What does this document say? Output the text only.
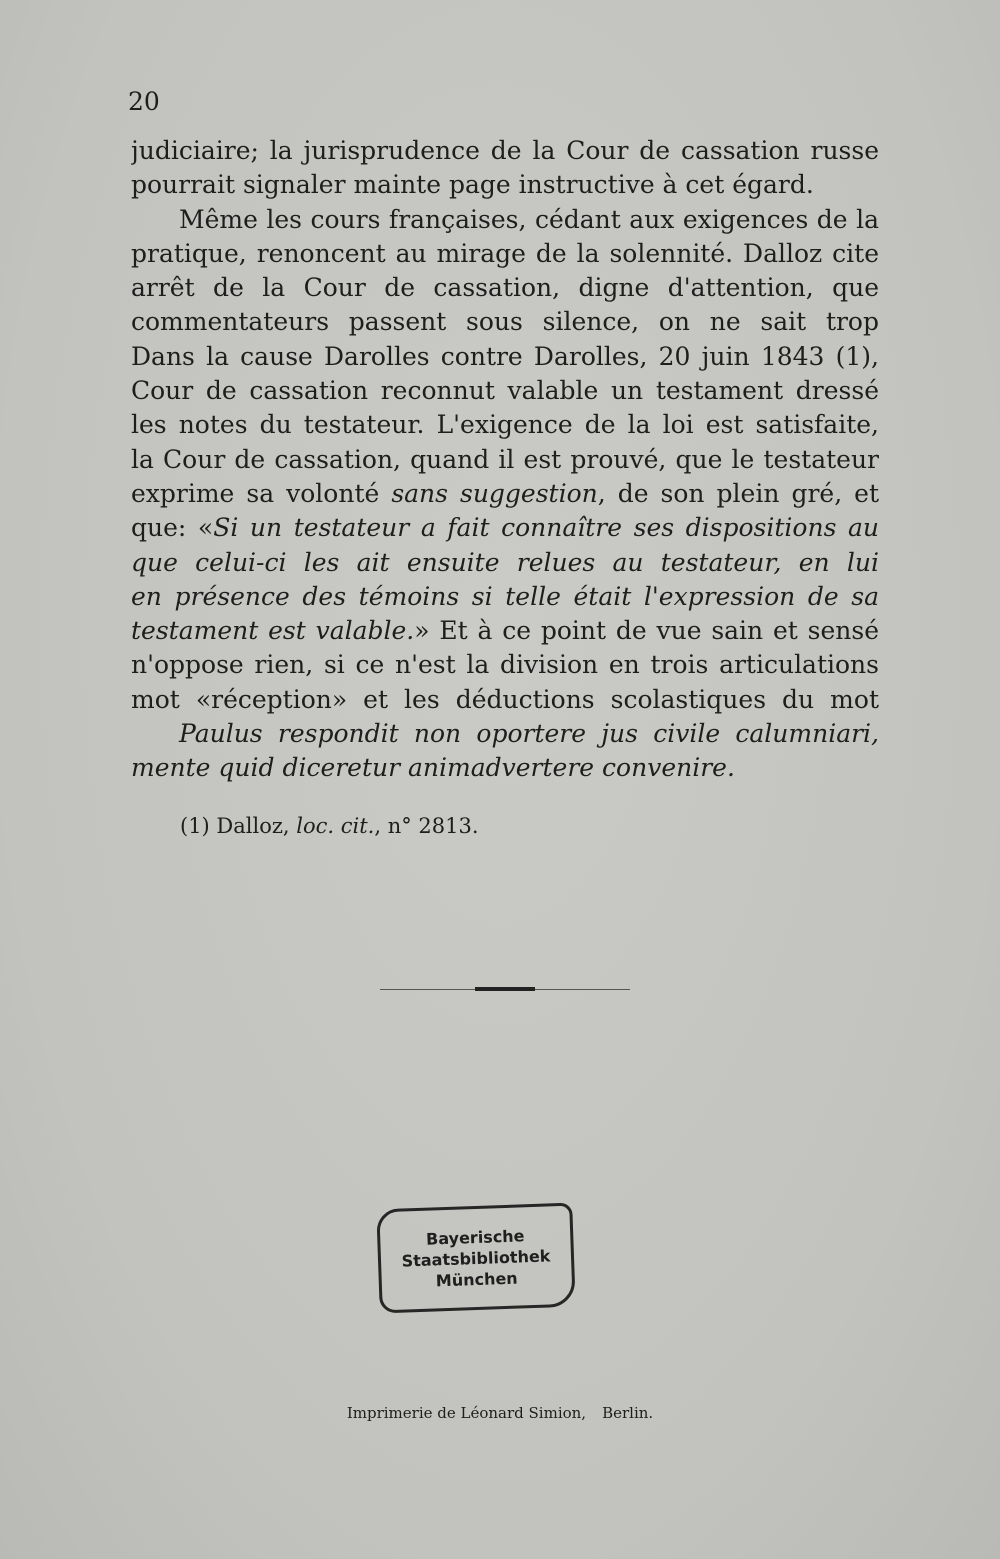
20
judiciaire; la jurisprudence de la Cour de cassation russe
pourrait signaler mainte page instructive à cet égard.
Même les cours françaises, cédant aux exigences de la
pratique, renoncent au mirage de la solennité. Dalloz cite
arrêt de la Cour de cassation, digne d'attention, que
commentateurs passent sous silence, on ne sait trop
Dans la cause Darolles contre Darolles, 20 juin 1843 (1),
Cour de cassation reconnut valable un testament dressé
les notes du testateur. L'exigence de la loi est satisfaite,
la Cour de cassation, quand il est prouvé, que le testateur
exprime sa volonté sans suggestion, de son plein gré, et
que: «Si un testateur a fait connaître ses dispositions au
que celui-ci les ait ensuite relues au testateur, en lui
en présence des témoins si telle était l'expression de sa
testament est valable.» Et à ce point de vue sain et sensé
n'oppose rien, si ce n'est la division en trois articulations
mot «réception» et les déductions scolastiques du mot
Paulus respondit non oportere jus civile calumniari,
mente quid diceretur animadvertere convenire.
(1) Dalloz, loc. cit., n° 2813.
Bayerische
Staatsbibliothek
München
Imprimerie de Léonard Simion, Berlin.
